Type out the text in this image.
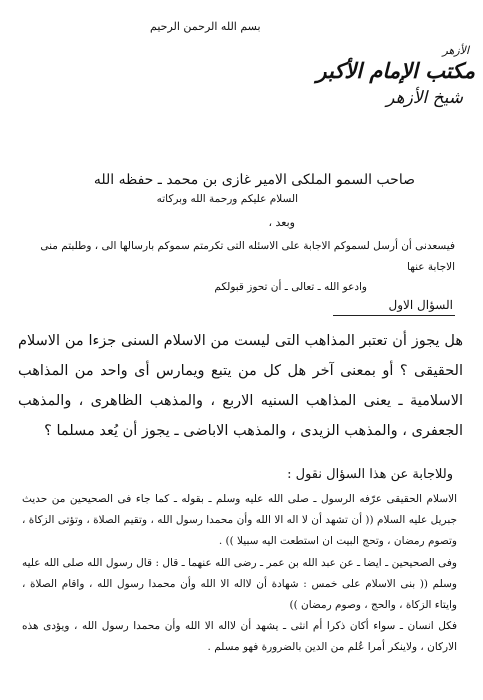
بسم الله الرحمن الرحيم
الأزهر
مكتب الإمام الأكبر
شيخ الأزهر
صاحب السمو الملكى الامير غازى بن محمد ـ حفظه الله
السلام عليكم ورحمة الله وبركاته
وبعد ،
فيسعدنى أن أرسل لسموكم الاجابة على الاسئله التى تكرمتم سموكم بارسالها الى ، وطلبتم منى الاجابة عنها
وادعو الله ـ تعالى ـ أن تحوز قبولكم
السؤال الاول
هل يجوز أن تعتبر المذاهب التى ليست من الاسلام السنى جزءا من الاسلام الحقيقى ؟ أو بمعنى آخر هل كل من يتبع ويمارس أى واحد من المذاهب الاسلامية ـ يعنى المذاهب السنيه الاربع ، والمذهب الظاهرى ، والمذهب الجعفرى ، والمذهب الزيدى ، والمذهب الاباضى ـ يجوز أن يُعد مسلما ؟
وللاجابة عن هذا السؤال نقول :

الاسلام الحقيقى عرّفه الرسول ـ صلى الله عليه وسلم ـ بقوله ـ كما جاء فى الصحيحين من حديث جبريل عليه السلام (( أن تشهد أن لا اله الا الله وأن محمدا رسول الله ، وتقيم الصلاة ، وتؤتى الزكاة ، وتصوم رمضان ، وتحج البيت ان استطعت اليه سبيلا )) .

وفى الصحيحين ـ ايضا ـ عن عبد الله بن عمر ـ رضى الله عنهما ـ قال : قال رسول الله صلى الله عليه وسلم (( بنى الاسلام على خمس : شهادة أن لااله الا الله وأن محمدا رسول الله ، واقام الصلاة ، وايتاء الزكاة ، والحج ، وصوم رمضان ))

فكل انسان ـ سواء أكان ذكرا أم انثى ـ يشهد أن لااله الا الله وأن محمدا رسول الله ، ويؤدى هذه الاركان ، ولاينكر أمرا عُلم من الدين بالضرورة فهو مسلم .
